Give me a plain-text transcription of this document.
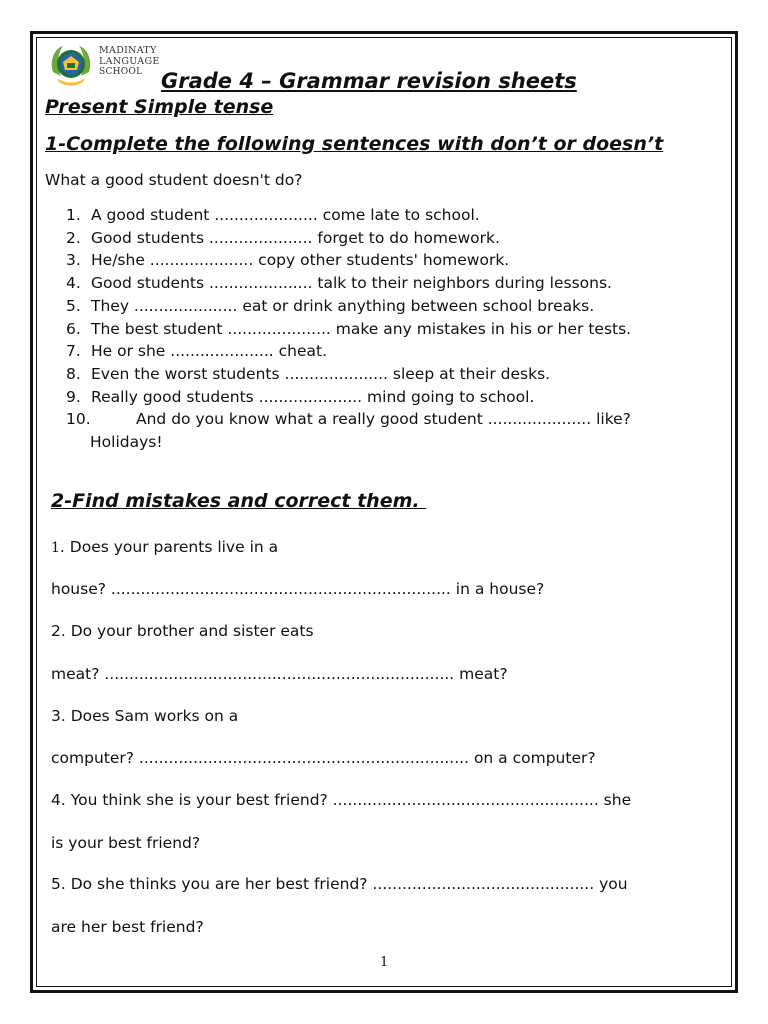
MADINATY
LANGUAGE
SCHOOL Grade 4 – Grammar revision sheets
Present Simple tense
1-Complete the following sentences with don’t or doesn’t

What a good student doesn't do?

1. A good student ..................... come late to school.
2. Good students ..................... forget to do homework.
3. He/she ..................... copy other students' homework.
4. Good students ..................... talk to their neighbors during lessons.
5. They ..................... eat or drink anything between school breaks.
6. The best student ..................... make any mistakes in his or her tests.
7. He or she ..................... cheat.
8. Even the worst students ..................... sleep at their desks.
9. Really good students ..................... mind going to school.
10.	And do you know what a really good student ..................... like?
Holidays!
2-Find mistakes and correct them.

1. Does your parents live in a

house? ..................................................................... in a house?

2. Do your brother and sister eats

meat? ....................................................................... meat?

3. Does Sam works on a

computer? ................................................................... on a computer?

4. You think she is your best friend? ...................................................... she

is your best friend?

5. Do she thinks you are her best friend? ............................................. you

are her best friend?

1
